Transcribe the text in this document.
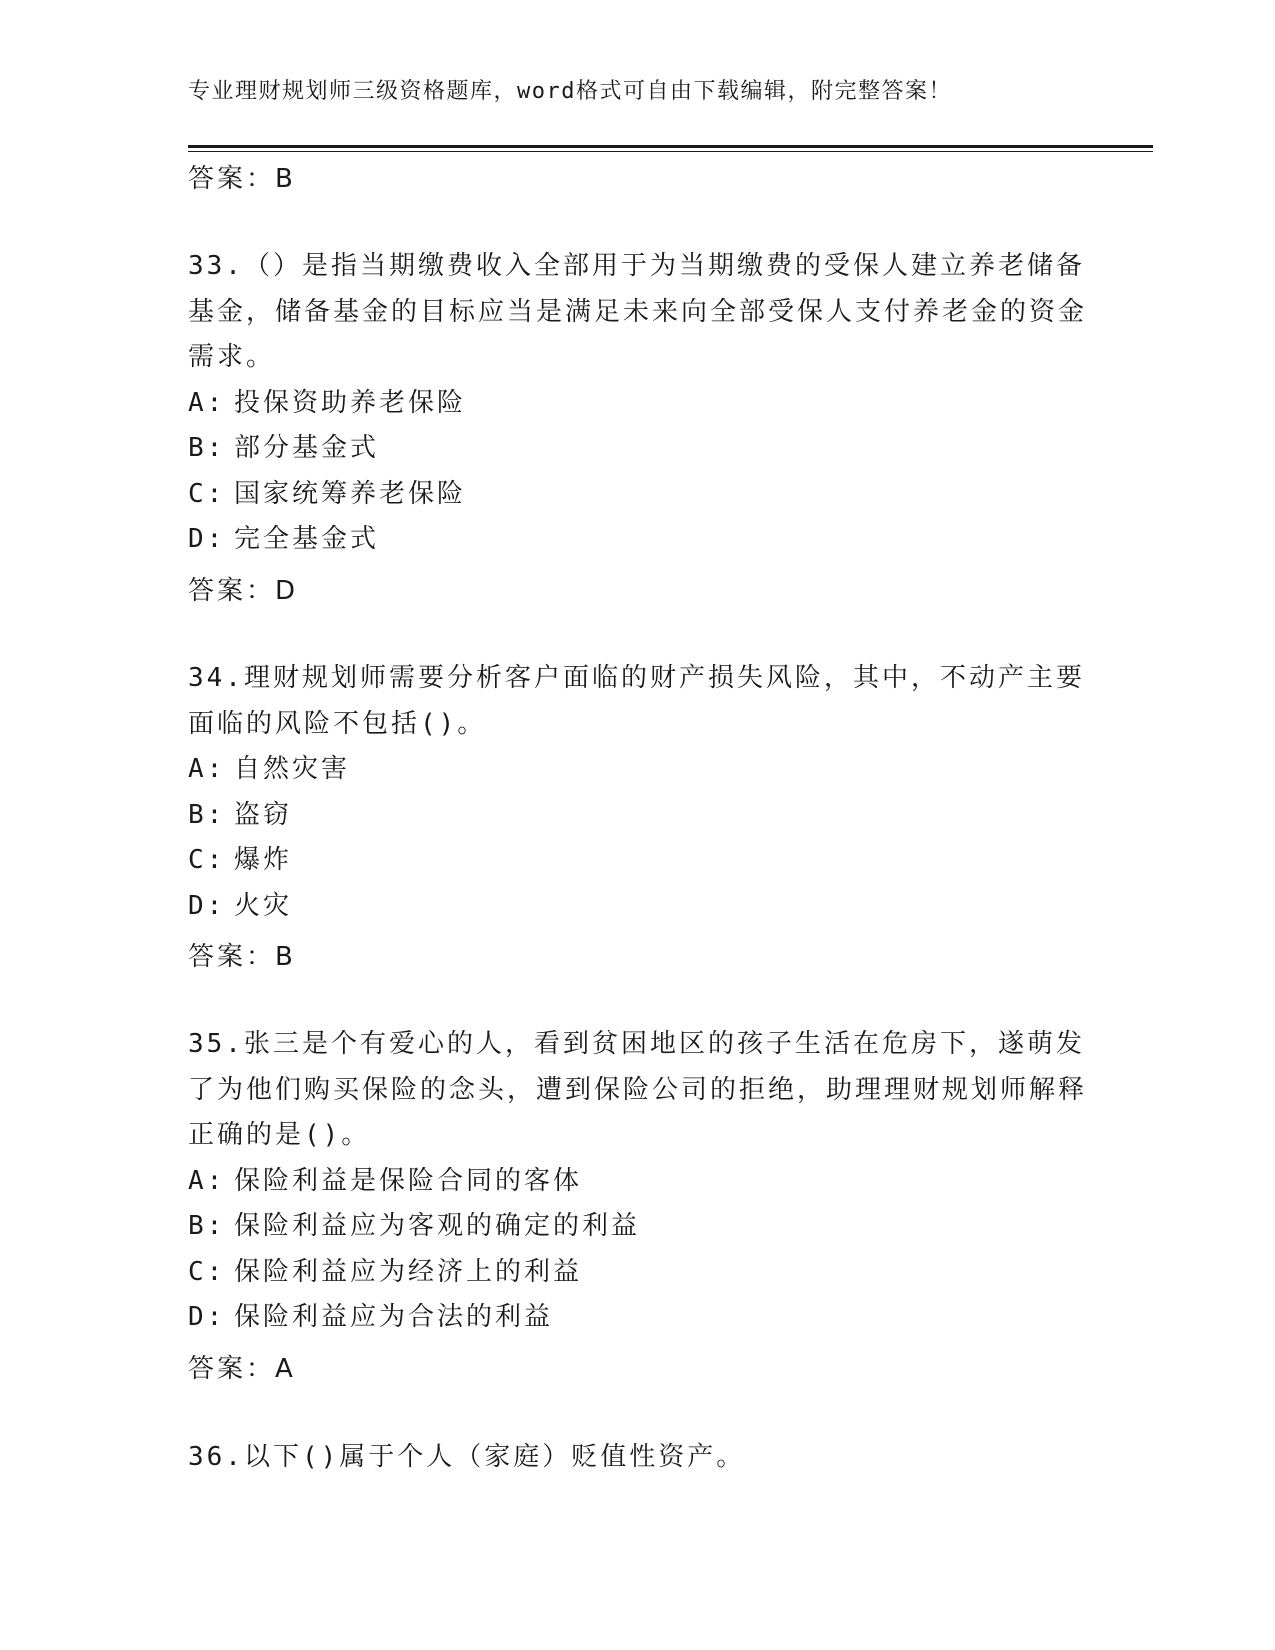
专业理财规划师三级资格题库，word格式可自由下载编辑，附完整答案！
答案：B

33.（）是指当期缴费收入全部用于为当期缴费的受保人建立养老储备基金，储备基金的目标应当是满足未来向全部受保人支付养老金的资金需求。

A: 投保资助养老保险
B: 部分基金式
C: 国家统筹养老保险
D: 完全基金式
答案：D

34.理财规划师需要分析客户面临的财产损失风险，其中，不动产主要面临的风险不包括()。

A: 自然灾害
B: 盗窃
C: 爆炸
D: 火灾
答案：B

35.张三是个有爱心的人，看到贫困地区的孩子生活在危房下，遂萌发了为他们购买保险的念头，遭到保险公司的拒绝，助理理财规划师解释正确的是()。

A: 保险利益是保险合同的客体
B: 保险利益应为客观的确定的利益
C: 保险利益应为经济上的利益
D: 保险利益应为合法的利益
答案：A

36.以下()属于个人（家庭）贬值性资产。
